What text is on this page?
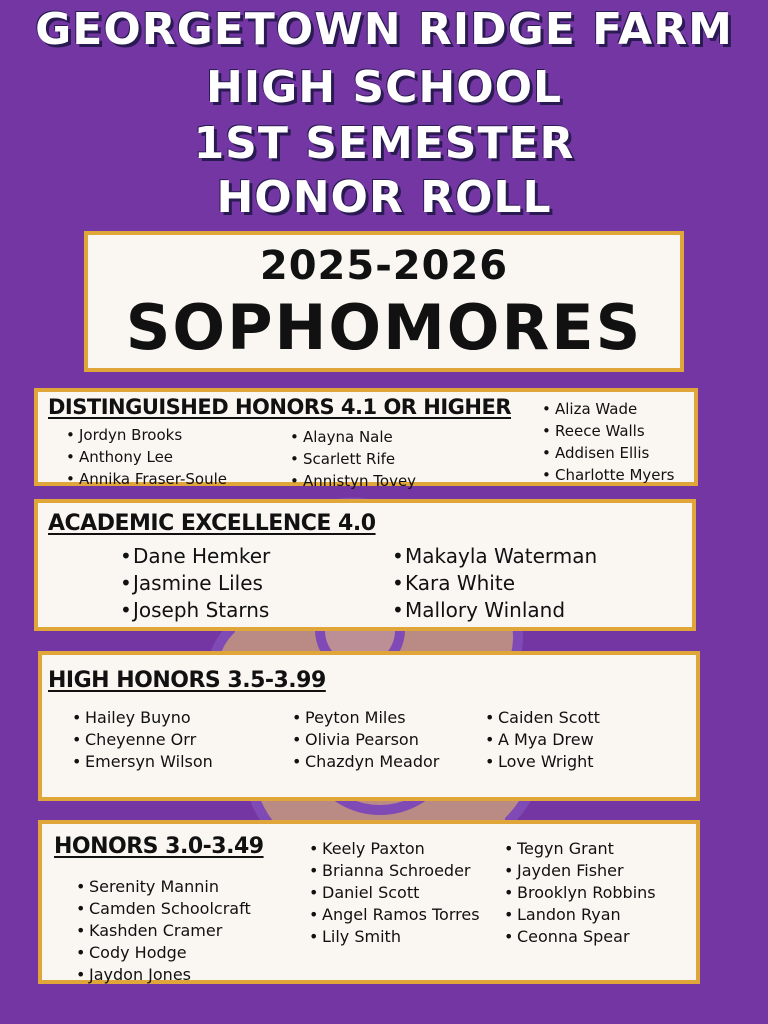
GEORGETOWN RIDGE FARM
HIGH SCHOOL
1ST SEMESTER
HONOR ROLL
2025-2026
SOPHOMORES
DISTINGUISHED HONORS 4.1 OR HIGHER
• Jordyn Brooks
• Anthony Lee
• Annika Fraser-Soule
• Alayna Nale
• Scarlett Rife
• Annistyn Tovey
• Aliza Wade
• Reece Walls
• Addisen Ellis
• Charlotte Myers
ACADEMIC EXCELLENCE 4.0
• Dane Hemker
• Jasmine Liles
• Joseph Starns
• Makayla Waterman
• Kara White
• Mallory Winland
HIGH HONORS 3.5-3.99
• Hailey Buyno
• Cheyenne Orr
• Emersyn Wilson
• Peyton Miles
• Olivia Pearson
• Chazdyn Meador
• Caiden Scott
• A Mya Drew
• Love Wright
HONORS 3.0-3.49
• Serenity Mannin
• Camden Schoolcraft
• Kashden Cramer
• Cody Hodge
• Jaydon Jones
• Keely Paxton
• Brianna Schroeder
• Daniel Scott
• Angel Ramos Torres
• Lily Smith
• Tegyn Grant
• Jayden Fisher
• Brooklyn Robbins
• Landon Ryan
• Ceonna Spear
